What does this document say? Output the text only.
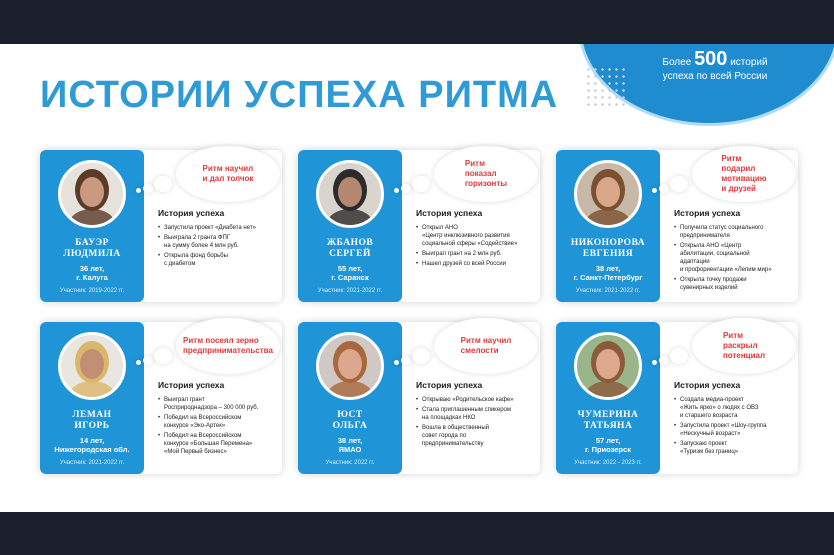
Более 500 историй
успеха по всей России
ИСТОРИИ УСПЕХА РИТМА
БАУЭР
ЛЮДМИЛА
36 лет,
г. Калуга
Участник: 2019-2022 гг.
Ритм научил
и дал толчок
История успеха
• Запустила проект «Диабета нет»
• Выиграла 2 гранта ФПГ
на сумму более 4 млн руб.
• Открыла фонд борьбы
с диабетом
ЖБАНОВ
СЕРГЕЙ
55 лет,
г. Саранск
Участник: 2021-2022 гг.
Ритм
показал
горизонты
История успеха
• Открыл АНО
«Центр инклюзивного развития
социальной сферы «Содействие»
• Выиграл грант на 2 млн руб.
• Нашел друзей со всей России
НИКОНОРОВА
ЕВГЕНИЯ
38 лет,
г. Санкт-Петербург
Участник: 2021-2022 гг.
Ритм
подарил
мотивацию
и друзей
История успеха
• Получила статус социального
предпринимателя
• Открыла АНО «Центр
абилитации, социальной
адаптации
и профориентации «Лепим мир»
• Открыла точку продажи
сувенирных изделий
ЛЕМАН
ИГОРЬ
14 лет,
Нижегородская обл.
Участник: 2021-2022 гг.
Ритм посеял зерно
предпринимательства
История успеха
• Выиграл грант
Росприроднадзора – 300 000 руб.
• Победил на Всероссийском
конкурсе «Эко-Артек»
• Победил на Всероссийском
конкурсе «Большая Перемена»
«Мой Первый бизнес»
ЮСТ
ОЛЬГА
38 лет,
ЯМАО
Участник: 2022 гг.
Ритм научил
смелости
История успеха
• Открываю «Родительское кафе»
• Стала приглашенным спикером
на площадках НКО
• Вошла в общественный
совет города по
предпринимательству
ЧУМЕРИНА
ТАТЬЯНА
57 лет,
г. Приозерск
Участник: 2022 - 2023 гг.
Ритм
раскрыл
потенциал
История успеха
• Создала медиа-проект
«Жить ярко» о людях с ОВЗ
и старшего возраста
• Запустила проект «Шоу-группа
«Нескучный возраст»
• Запускаю проект
«Туризм без границ»
